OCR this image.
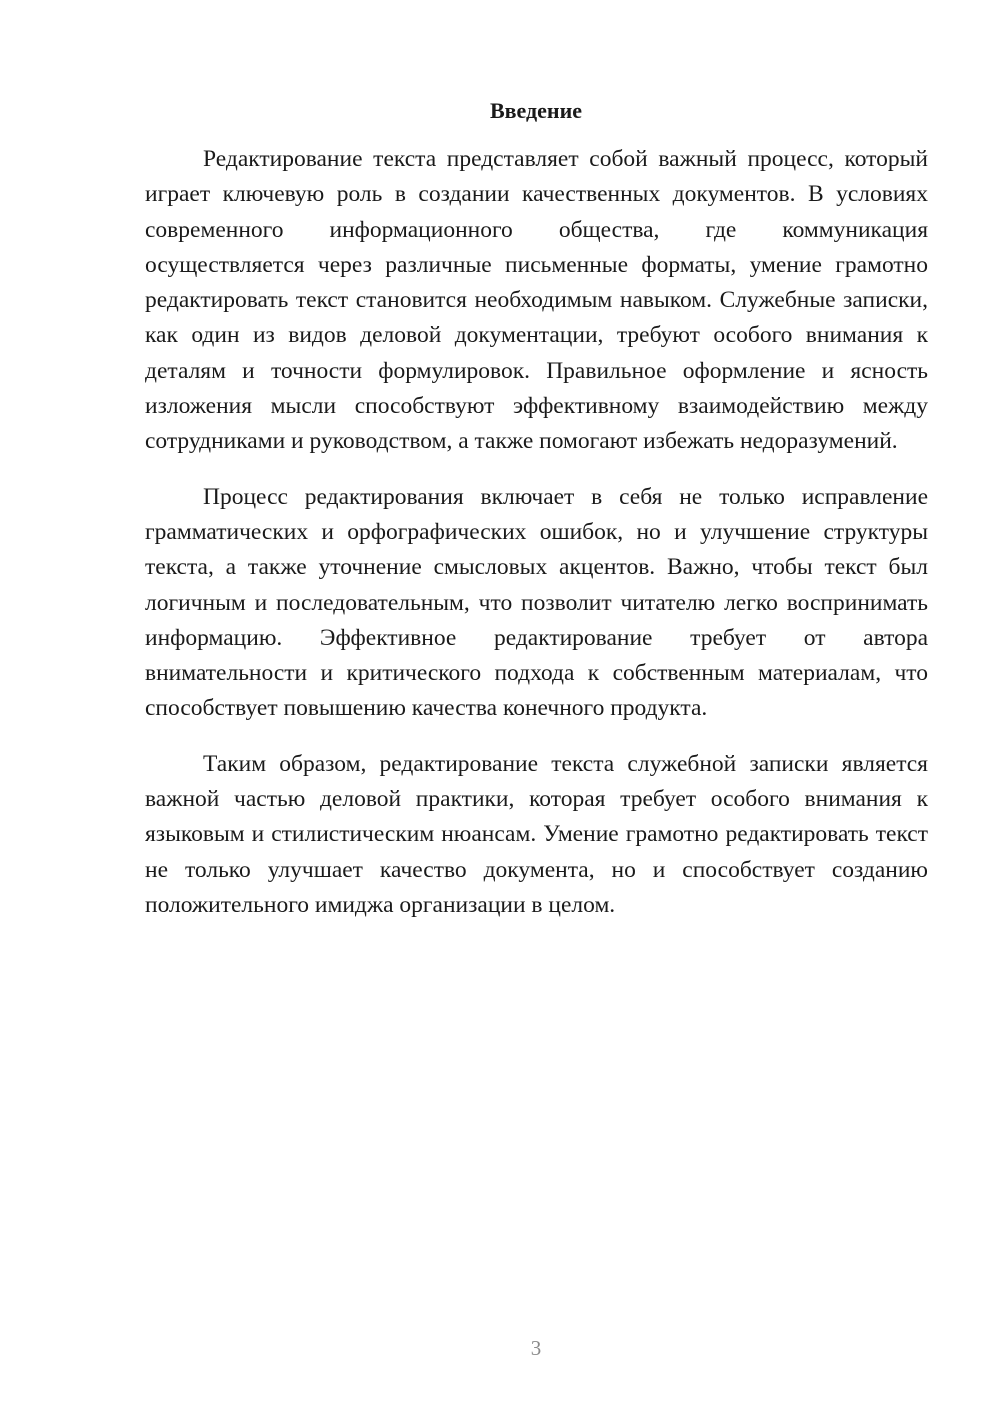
Введение

Редактирование текста представляет собой важный процесс, который играет ключевую роль в создании качественных документов. В условиях современного информационного общества, где коммуникация осуществляется через различные письменные форматы, умение грамотно редактировать текст становится необходимым навыком. Служебные записки, как один из видов деловой документации, требуют особого внимания к деталям и точности формулировок. Правильное оформление и ясность изложения мысли способствуют эффективному взаимодействию между сотрудниками и руководством, а также помогают избежать недоразумений.

Процесс редактирования включает в себя не только исправление грамматических и орфографических ошибок, но и улучшение структуры текста, а также уточнение смысловых акцентов. Важно, чтобы текст был логичным и последовательным, что позволит читателю легко воспринимать информацию. Эффективное редактирование требует от автора внимательности и критического подхода к собственным материалам, что способствует повышению качества конечного продукта.

Таким образом, редактирование текста служебной записки является важной частью деловой практики, которая требует особого внимания к языковым и стилистическим нюансам. Умение грамотно редактировать текст не только улучшает качество документа, но и способствует созданию положительного имиджа организации в целом.

3
